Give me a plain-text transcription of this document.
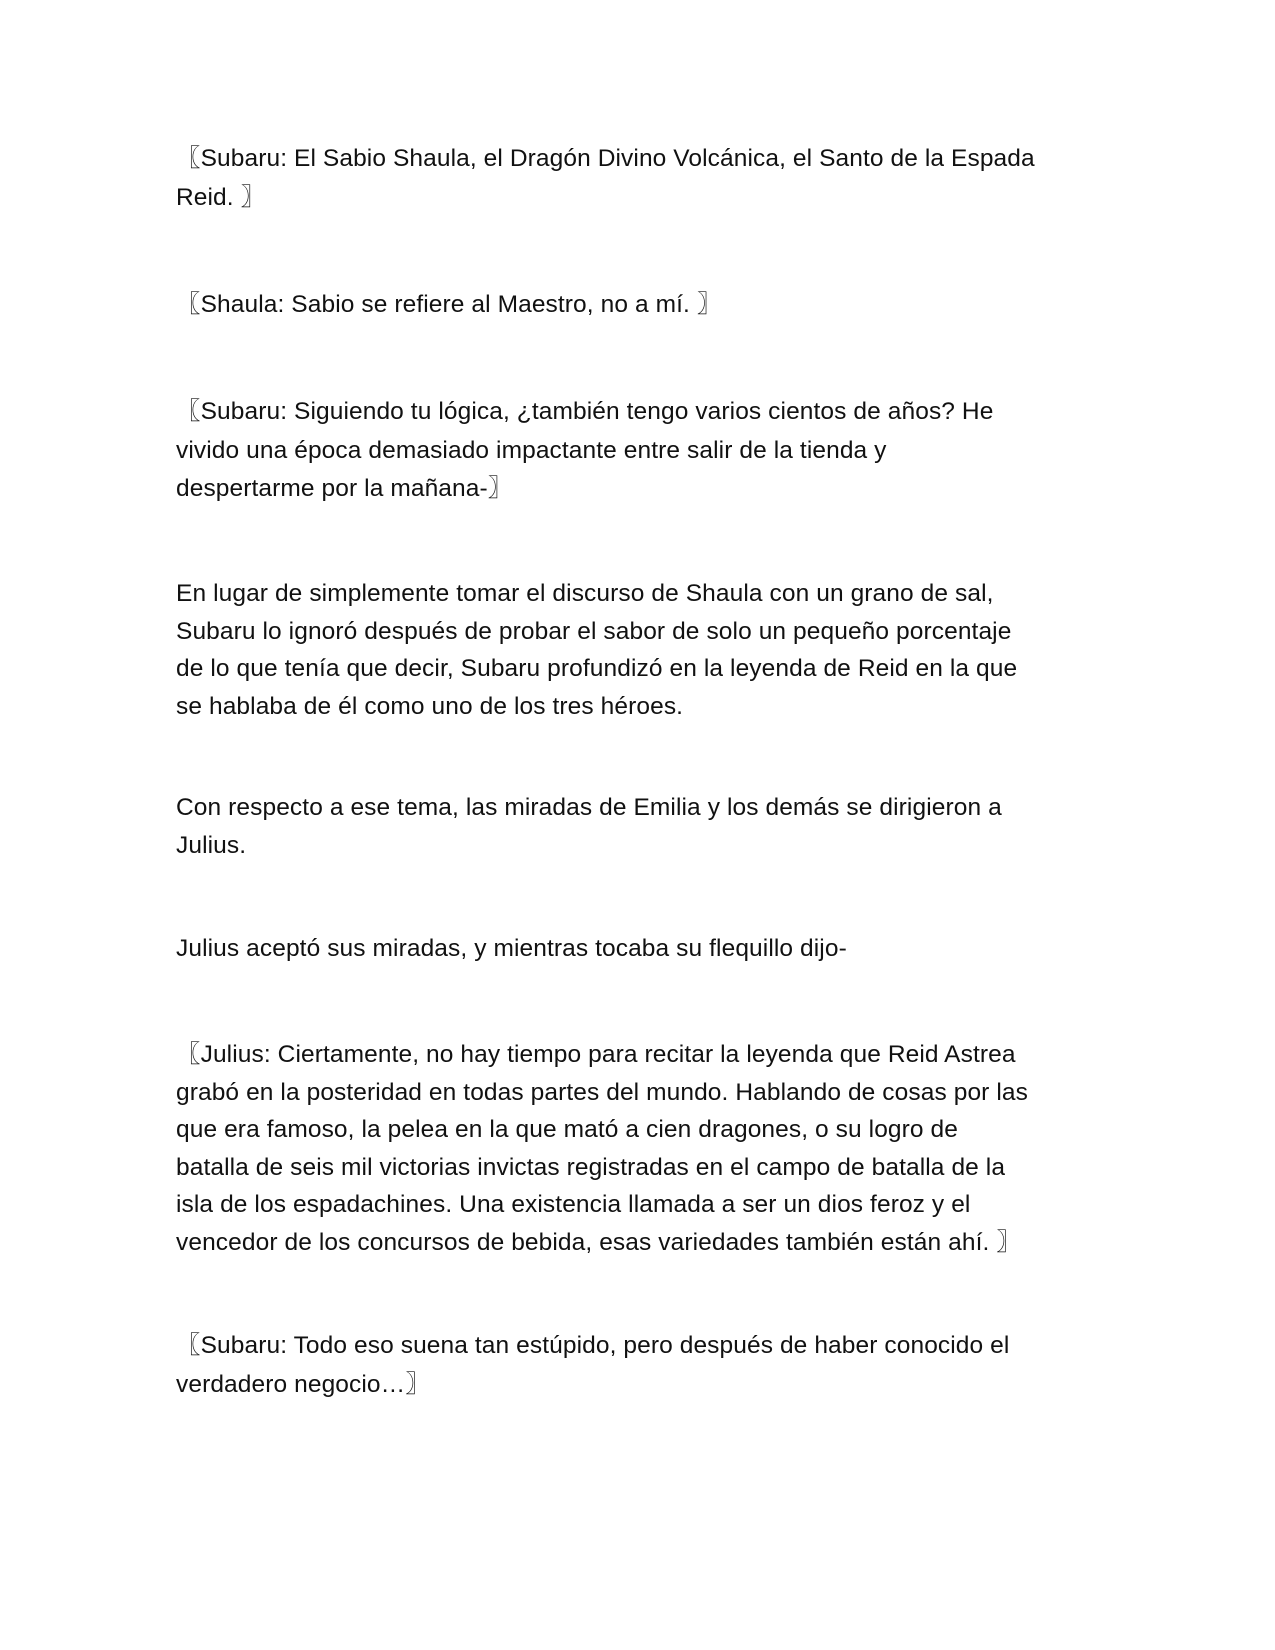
〖Subaru: El Sabio Shaula, el Dragón Divino Volcánica, el Santo de la Espada
Reid. 〗

〖Shaula: Sabio se refiere al Maestro, no a mí. 〗

〖Subaru: Siguiendo tu lógica, ¿también tengo varios cientos de años? He
vivido una época demasiado impactante entre salir de la tienda y
despertarme por la mañana-〗

En lugar de simplemente tomar el discurso de Shaula con un grano de sal,
Subaru lo ignoró después de probar el sabor de solo un pequeño porcentaje
de lo que tenía que decir, Subaru profundizó en la leyenda de Reid en la que
se hablaba de él como uno de los tres héroes.

Con respecto a ese tema, las miradas de Emilia y los demás se dirigieron a
Julius.

Julius aceptó sus miradas, y mientras tocaba su flequillo dijo-

〖Julius: Ciertamente, no hay tiempo para recitar la leyenda que Reid Astrea
grabó en la posteridad en todas partes del mundo. Hablando de cosas por las
que era famoso, la pelea en la que mató a cien dragones, o su logro de
batalla de seis mil victorias invictas registradas en el campo de batalla de la
isla de los espadachines. Una existencia llamada a ser un dios feroz y el
vencedor de los concursos de bebida, esas variedades también están ahí. 〗

〖Subaru: Todo eso suena tan estúpido, pero después de haber conocido el
verdadero negocio…〗
